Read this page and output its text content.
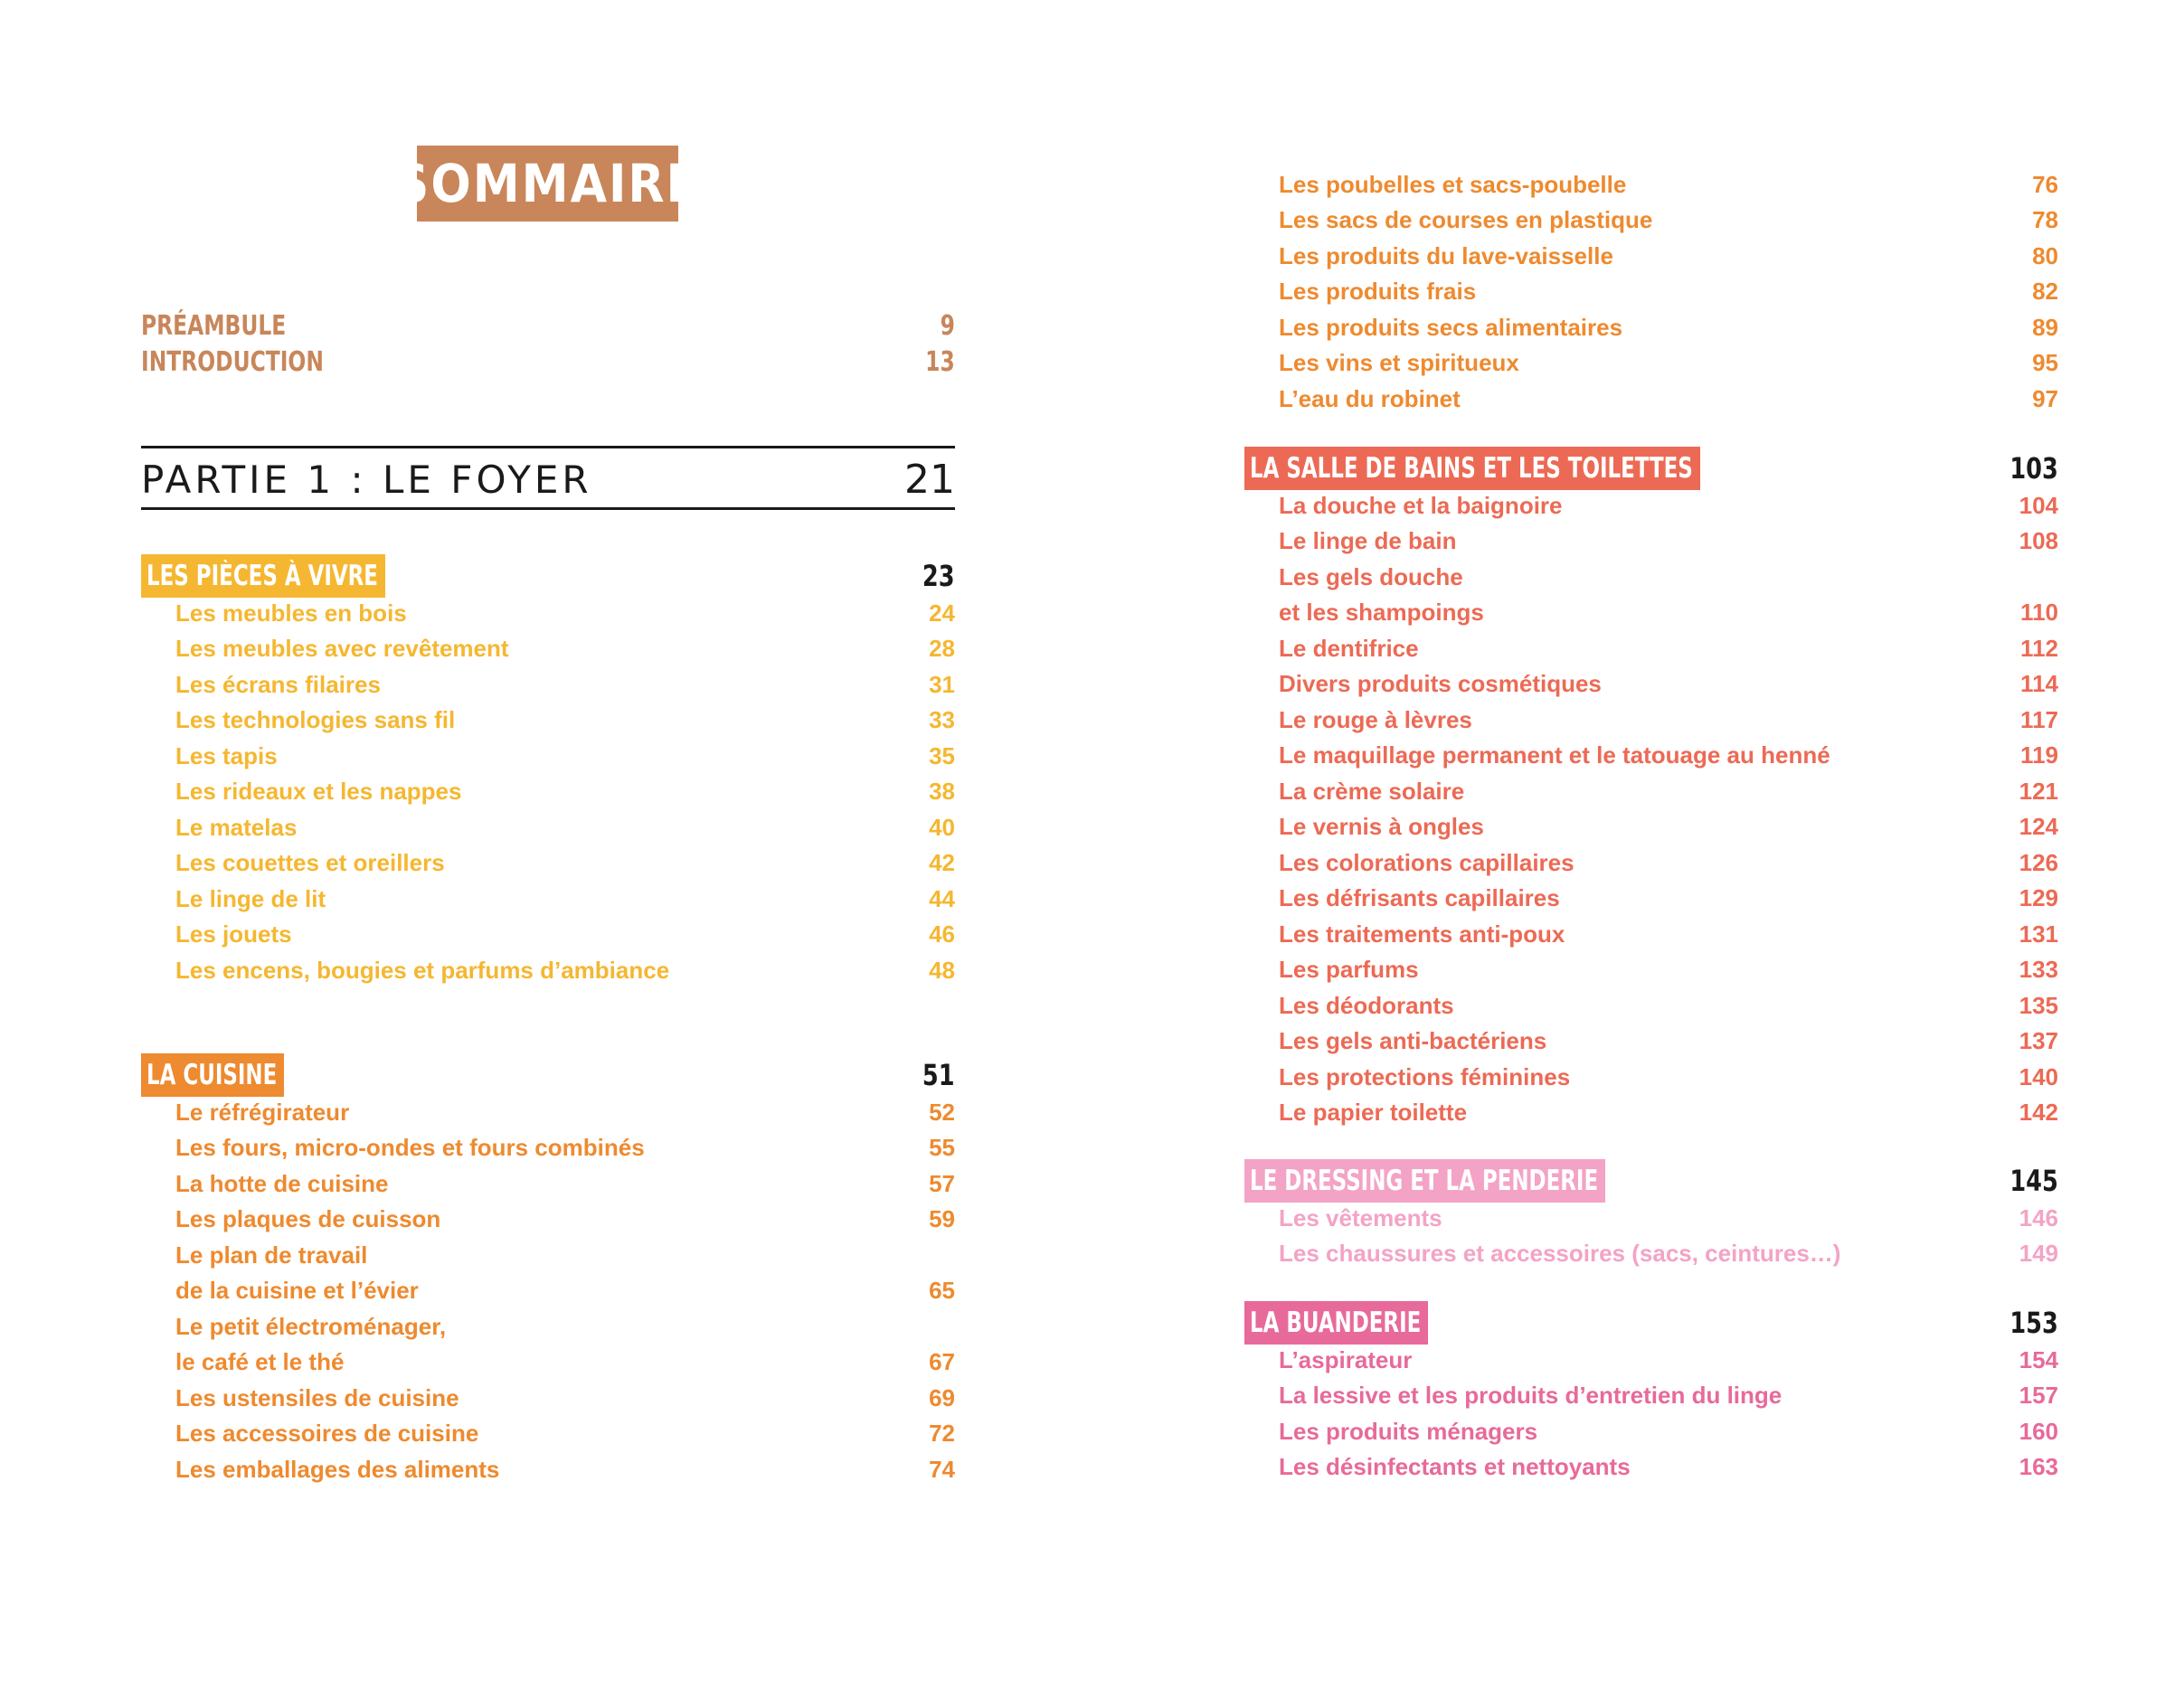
SOMMAIRE
PRÉAMBULE	9
INTRODUCTION	13
PARTIE 1 : LE FOYER	21
LES PIÈCES À VIVRE	23
Les meubles en bois	24
Les meubles avec revêtement	28
Les écrans filaires	31
Les technologies sans fil	33
Les tapis	35
Les rideaux et les nappes	38
Le matelas	40
Les couettes et oreillers	42
Le linge de lit	44
Les jouets	46
Les encens, bougies et parfums d’ambiance	48
LA CUISINE	51
Le réfrégirateur	52
Les fours, micro-ondes et fours combinés	55
La hotte de cuisine	57
Les plaques de cuisson	59
Le plan de travail
de la cuisine et l’évier	65
Le petit électroménager,
le café et le thé	67
Les ustensiles de cuisine	69
Les accessoires de cuisine	72
Les emballages des aliments	74
Les poubelles et sacs-poubelle	76
Les sacs de courses en plastique	78
Les produits du lave-vaisselle	80
Les produits frais	82
Les produits secs alimentaires	89
Les vins et spiritueux	95
L’eau du robinet	97
LA SALLE DE BAINS ET LES TOILETTES	103
La douche et la baignoire	104
Le linge de bain	108
Les gels douche
et les shampoings	110
Le dentifrice	112
Divers produits cosmétiques	114
Le rouge à lèvres	117
Le maquillage permanent et le tatouage au henné	119
La crème solaire	121
Le vernis à ongles	124
Les colorations capillaires	126
Les défrisants capillaires	129
Les traitements anti-poux	131
Les parfums	133
Les déodorants	135
Les gels anti-bactériens	137
Les protections féminines	140
Le papier toilette	142
LE DRESSING ET LA PENDERIE	145
Les vêtements	146
Les chaussures et accessoires (sacs, ceintures…)	149
LA BUANDERIE	153
L’aspirateur	154
La lessive et les produits d’entretien du linge	157
Les produits ménagers	160
Les désinfectants et nettoyants	163
